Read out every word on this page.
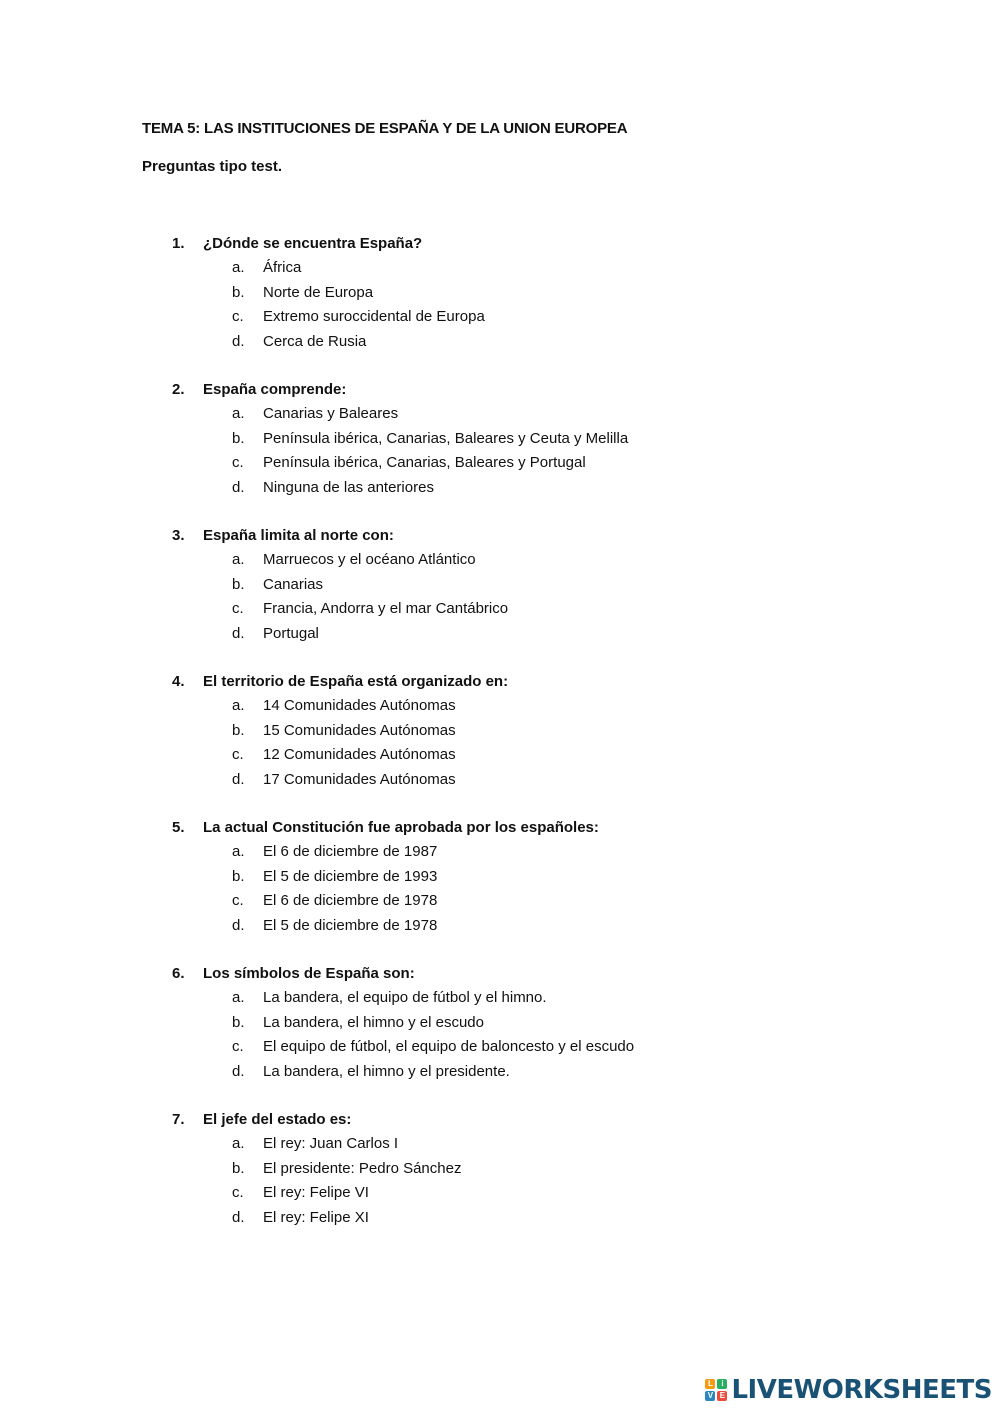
TEMA 5: LAS INSTITUCIONES DE ESPAÑA Y DE LA UNION EUROPEA
Preguntas tipo test.
1.	¿Dónde se encuentra España?
a.	África
b.	Norte de Europa
c.	Extremo suroccidental de Europa
d.	Cerca de Rusia
2.	España comprende:
a.	Canarias y Baleares
b.	Península ibérica, Canarias, Baleares y Ceuta y Melilla
c.	Península ibérica, Canarias, Baleares y Portugal
d.	Ninguna de las anteriores
3.	España limita al norte con:
a.	Marruecos y el océano Atlántico
b.	Canarias
c.	Francia, Andorra y el mar Cantábrico
d.	Portugal
4.	El territorio de España está organizado en:
a.	14 Comunidades Autónomas
b.	15 Comunidades Autónomas
c.	12 Comunidades Autónomas
d.	17 Comunidades Autónomas
5.	La actual Constitución fue aprobada por los españoles:
a.	El 6 de diciembre de 1987
b.	El 5 de diciembre de 1993
c.	El 6 de diciembre de 1978
d.	El 5 de diciembre de 1978
6.	Los símbolos de España son:
a.	La bandera, el equipo de fútbol y el himno.
b.	La bandera, el himno y el escudo
c.	El equipo de fútbol, el equipo de baloncesto y el escudo
d.	La bandera, el himno y el presidente.
7.	El jefe del estado es:
a.	El rey: Juan Carlos I
b.	El presidente: Pedro Sánchez
c.	El rey: Felipe VI
d.	El rey: Felipe XI
L	i
V E LIVEWORKSHEETS
